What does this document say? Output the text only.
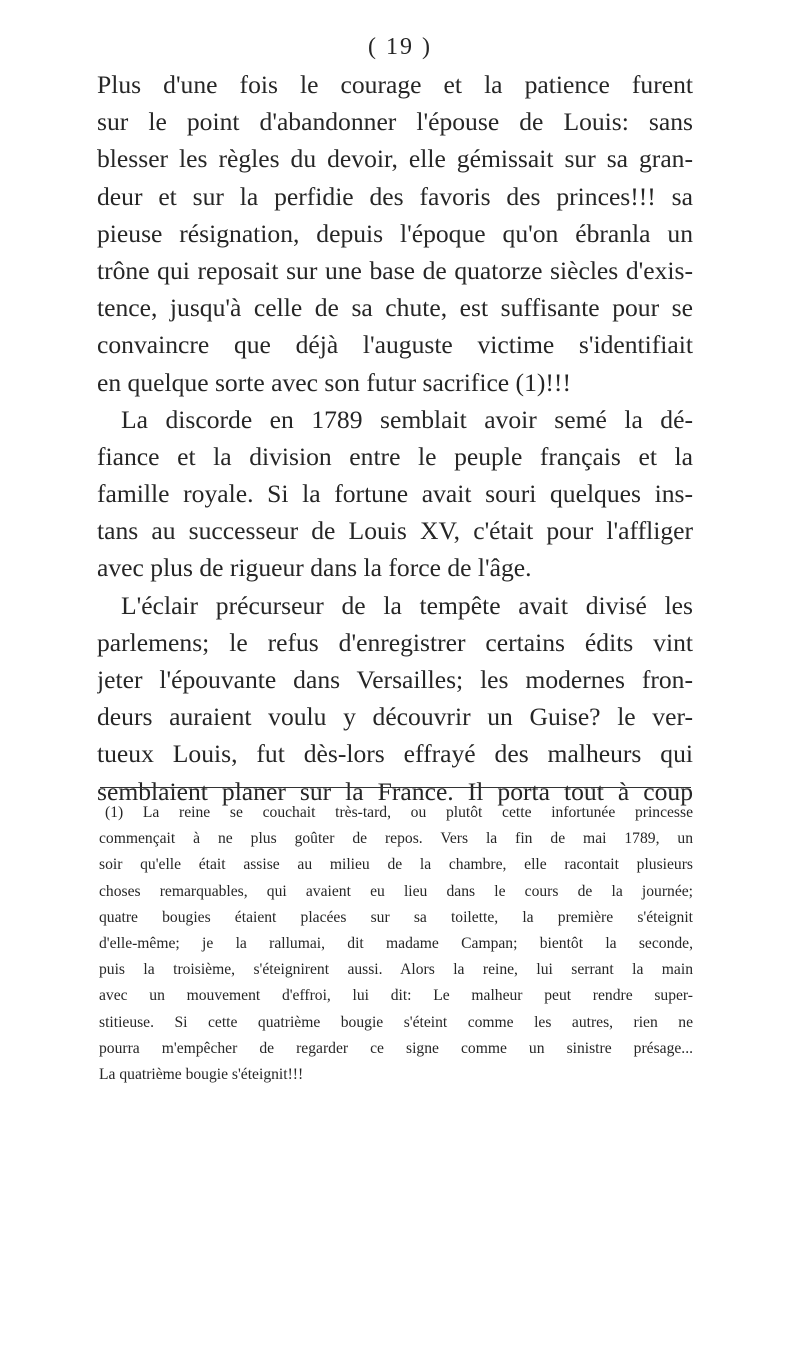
( 19 )
Plus d'une fois le courage et la patience furent
sur le point d'abandonner l'épouse de Louis: sans
blesser les règles du devoir, elle gémissait sur sa gran-
deur et sur la perfidie des favoris des princes!!! sa
pieuse résignation, depuis l'époque qu'on ébranla un
trône qui reposait sur une base de quatorze siècles d'exis-
tence, jusqu'à celle de sa chute, est suffisante pour se
convaincre que déjà l'auguste victime s'identifiait
en quelque sorte avec son futur sacrifice (1)!!!
La discorde en 1789 semblait avoir semé la dé-
fiance et la division entre le peuple français et la
famille royale. Si la fortune avait souri quelques ins-
tans au successeur de Louis XV, c'était pour l'affliger
avec plus de rigueur dans la force de l'âge.
L'éclair précurseur de la tempête avait divisé les
parlemens; le refus d'enregistrer certains édits vint
jeter l'épouvante dans Versailles; les modernes fron-
deurs auraient voulu y découvrir un Guise? le ver-
tueux Louis, fut dès-lors effrayé des malheurs qui
semblaient planer sur la France. Il porta tout à coup
(1) La reine se couchait très-tard, ou plutôt cette infortunée princesse
commençait à ne plus goûter de repos. Vers la fin de mai 1789, un
soir qu'elle était assise au milieu de la chambre, elle racontait plusieurs
choses remarquables, qui avaient eu lieu dans le cours de la journée;
quatre bougies étaient placées sur sa toilette, la première s'éteignit
d'elle-même; je la rallumai, dit madame Campan; bientôt la seconde,
puis la troisième, s'éteignirent aussi. Alors la reine, lui serrant la main
avec un mouvement d'effroi, lui dit: Le malheur peut rendre super-
stitieuse. Si cette quatrième bougie s'éteint comme les autres, rien ne
pourra m'empêcher de regarder ce signe comme un sinistre présage...
La quatrième bougie s'éteignit!!!
